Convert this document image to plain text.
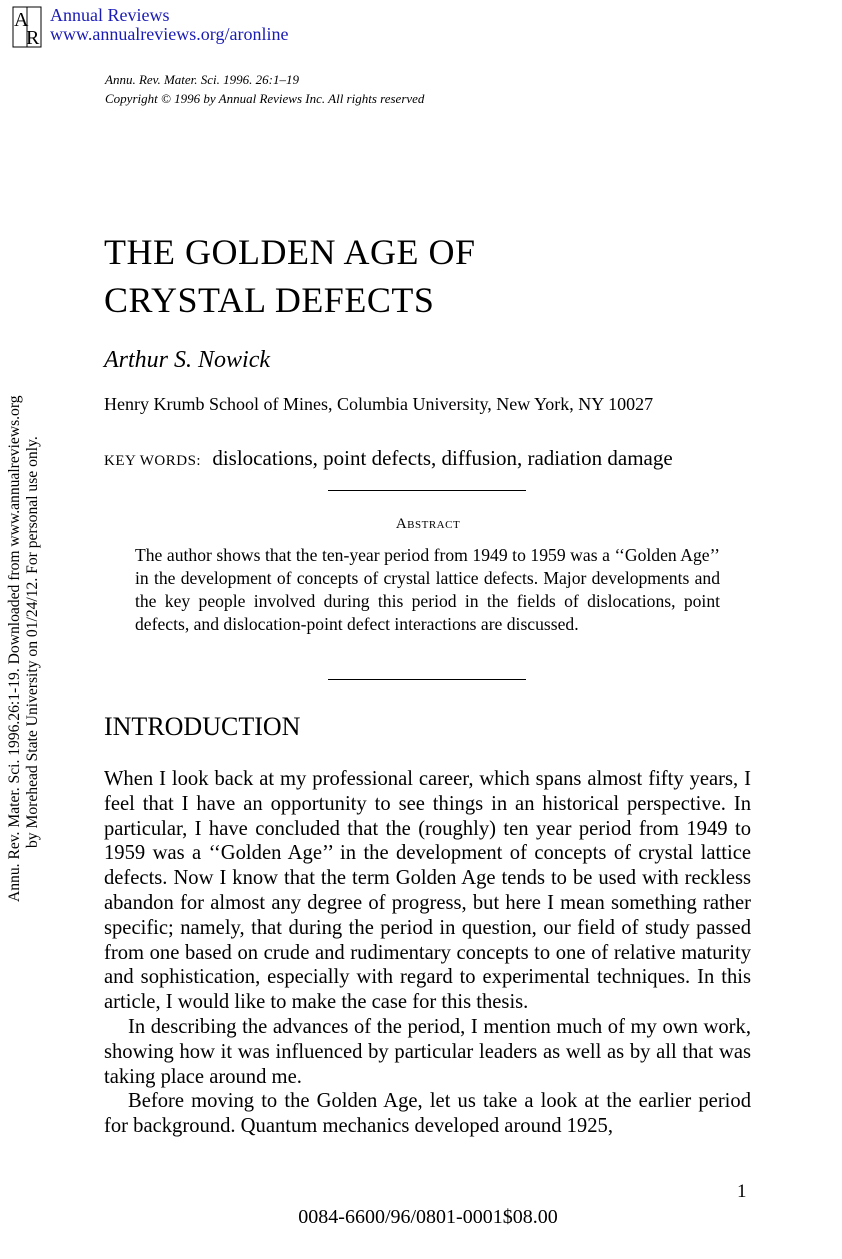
A
R
Annual Reviews
www.annualreviews.org/aronline
Annu. Rev. Mater. Sci. 1996.26:1-19. Downloaded from www.annualreviews.org by Morehead State University on 01/24/12. For personal use only.
Annu. Rev. Mater. Sci. 1996. 26:1–19
Copyright © 1996 by Annual Reviews Inc. All rights reserved
THE GOLDEN AGE OF
CRYSTAL DEFECTS
Arthur S. Nowick
Henry Krumb School of Mines, Columbia University, New York, NY 10027
KEY WORDS: dislocations, point defects, diffusion, radiation damage
Abstract
The author shows that the ten-year period from 1949 to 1959 was a ‘‘Golden Age’’ in the development of concepts of crystal lattice defects. Major developments and the key people involved during this period in the fields of dislocations, point defects, and dislocation-point defect interactions are discussed.
INTRODUCTION

When I look back at my professional career, which spans almost fifty years, I feel that I have an opportunity to see things in an historical perspective. In particular, I have concluded that the (roughly) ten year period from 1949 to 1959 was a ‘‘Golden Age’’ in the development of concepts of crystal lattice defects. Now I know that the term Golden Age tends to be used with reckless abandon for almost any degree of progress, but here I mean something rather specific; namely, that during the period in question, our field of study passed from one based on crude and rudimentary concepts to one of relative maturity and sophistication, especially with regard to experimental techniques. In this article, I would like to make the case for this thesis.

In describing the advances of the period, I mention much of my own work, showing how it was influenced by particular leaders as well as by all that was taking place around me.

Before moving to the Golden Age, let us take a look at the earlier period for background. Quantum mechanics developed around 1925,

1
0084-6600/96/0801-0001$08.00
